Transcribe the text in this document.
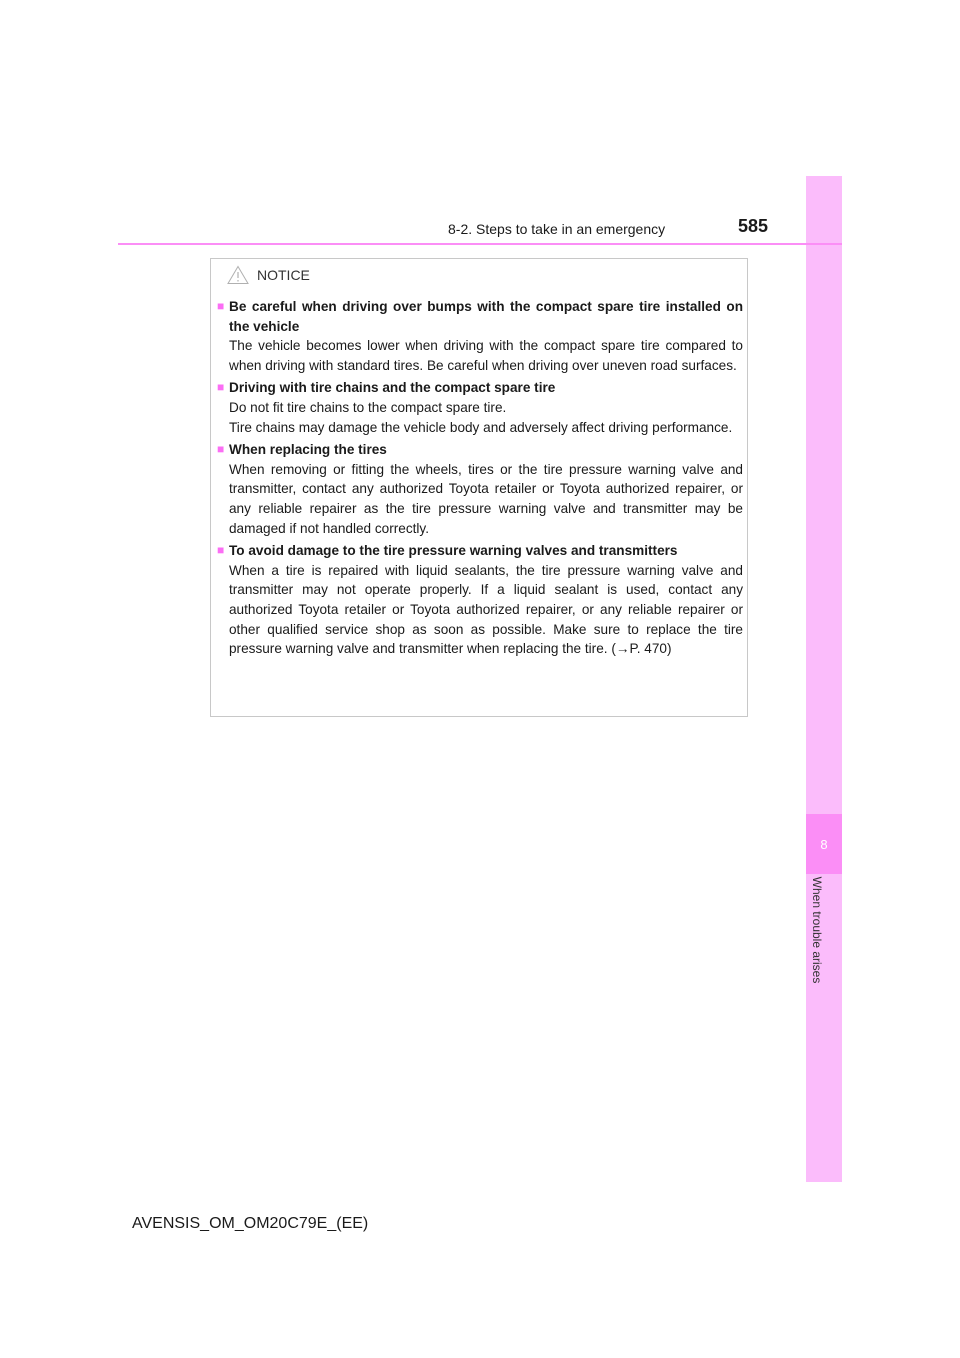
8
When trouble arises
8-2. Steps to take in an emergency	585
NOTICE
■ Be careful when driving over bumps with the compact spare tire installed on the vehicle

The vehicle becomes lower when driving with the compact spare tire compared to when driving with standard tires. Be careful when driving over uneven road surfaces.

■ Driving with tire chains and the compact spare tire

Do not fit tire chains to the compact spare tire.

Tire chains may damage the vehicle body and adversely affect driving performance.

■ When replacing the tires

When removing or fitting the wheels, tires or the tire pressure warning valve and transmitter, contact any authorized Toyota retailer or Toyota authorized repairer, or any reliable repairer as the tire pressure warning valve and transmitter may be damaged if not handled correctly.

■ To avoid damage to the tire pressure warning valves and transmitters

When a tire is repaired with liquid sealants, the tire pressure warning valve and transmitter may not operate properly. If a liquid sealant is used, contact any authorized Toyota retailer or Toyota authorized repairer, or any reliable repairer or other qualified service shop as soon as possible. Make sure to replace the tire pressure warning valve and transmitter when replacing the tire. (→P. 470)

AVENSIS_OM_OM20C79E_(EE)
